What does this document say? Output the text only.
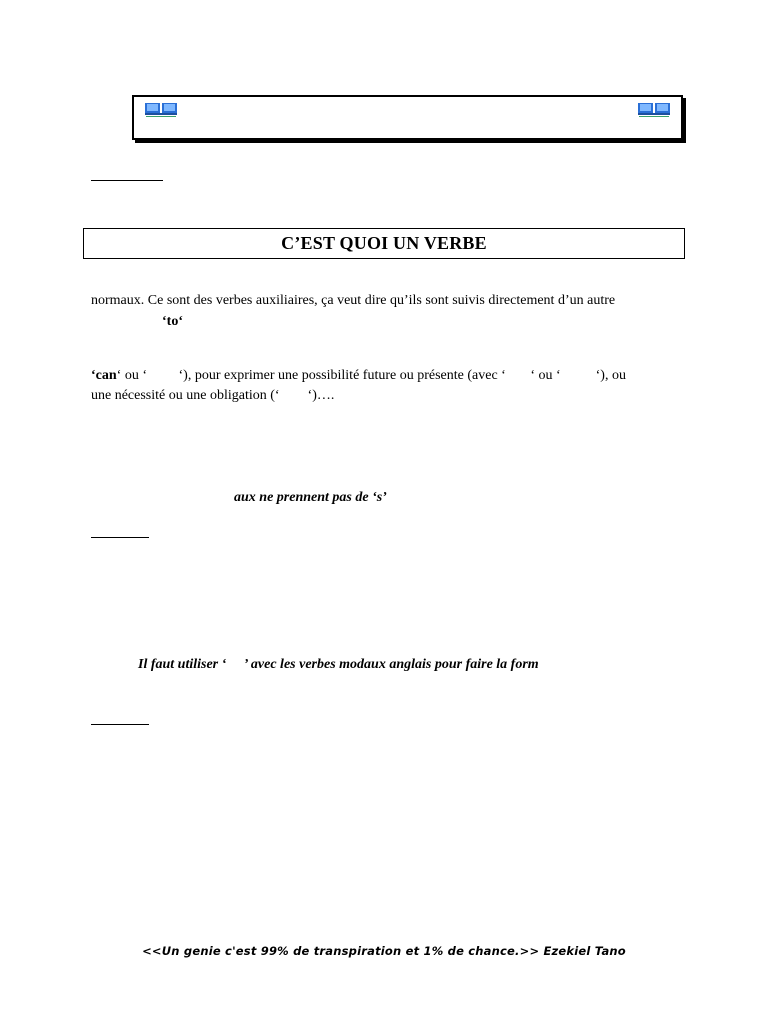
C’EST QUOI UN VERBE
normaux. Ce sont des verbes auxiliaires, ça veut dire qu’ils sont suivis directement d’un autre
‘to‘
‘can‘ ou ‘         ‘), pour exprimer une possibilité future ou présente (avec ‘       ‘ ou ‘          ‘), ou
une nécessité ou une obligation (‘        ‘)….
aux ne prennent pas de ‘s’
Il faut utiliser ‘     ’ avec les verbes modaux anglais pour faire la form
<<Un genie c'est 99% de transpiration et 1% de chance.>> Ezekiel Tano
